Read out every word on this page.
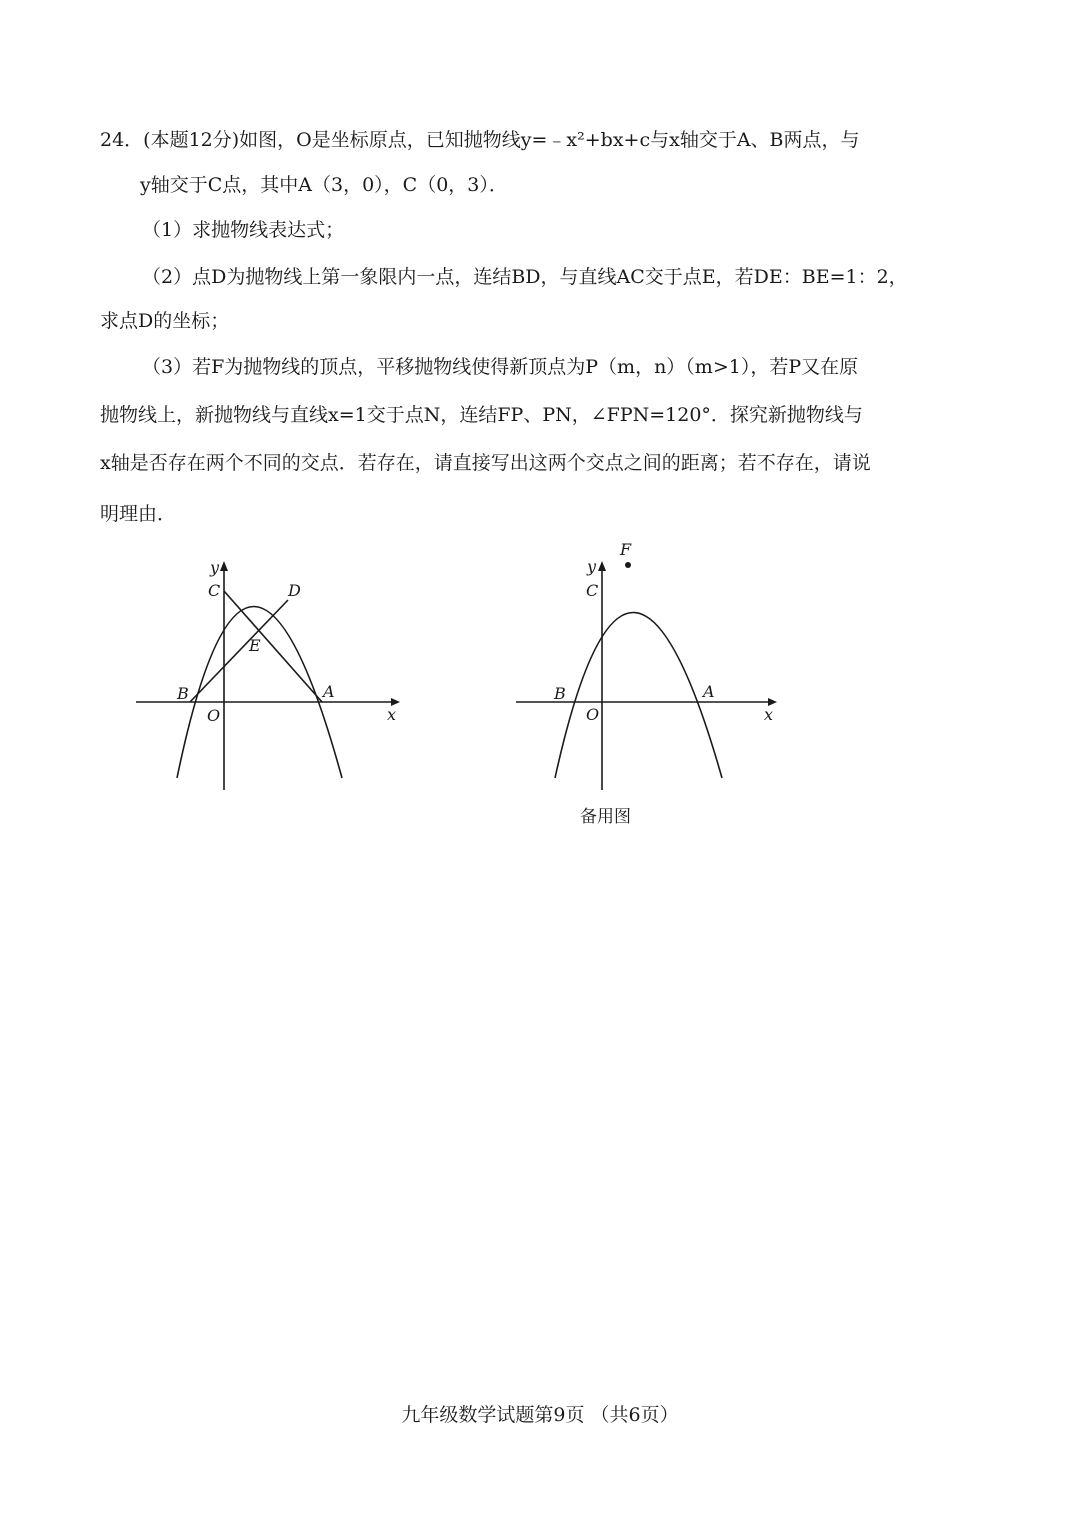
24．(本题12分)如图，O是坐标原点，已知抛物线y=﹣x²+bx+c与x轴交于A、B两点，与
y轴交于C点，其中A（3，0），C（0，3）．
（1）求抛物线表达式；
（2）点D为抛物线上第一象限内一点，连结BD，与直线AC交于点E，若DE：BE=1：2，
求点D的坐标；
（3）若F为抛物线的顶点，平移抛物线使得新顶点为P（m，n）（m>1），若P又在原
抛物线上，新抛物线与直线x=1交于点N，连结FP、PN，∠FPN=120°．探究新抛物线与
x轴是否存在两个不同的交点．若存在，请直接写出这两个交点之间的距离；若不存在，请说
明理由．
y
C	D
E
B
O
A
x
F
y
C
B
O
A
x
备用图
九年级数学试题第9页 （共6页）
